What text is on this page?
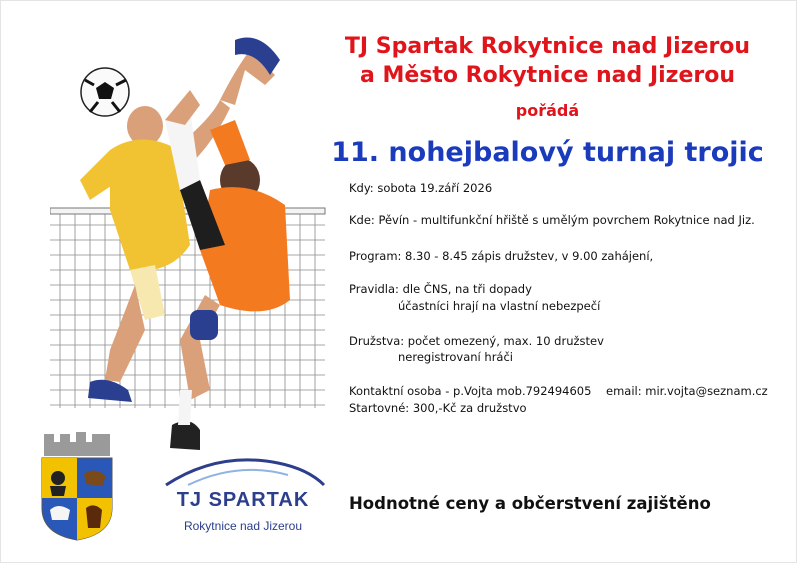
TJ Spartak Rokytnice nad Jizerou
a Město Rokytnice nad Jizerou
pořádá
11. nohejbalový turnaj trojic
Kdy: sobota 19.září 2026
Kde: Pěvín - multifunkční hřiště s umělým povrchem Rokytnice nad Jiz.
Program: 8.30 - 8.45 zápis družstev, v 9.00 zahájení,
Pravidla: dle ČNS, na tři dopady
účastníci hrají na vlastní nebezpečí
Družstva: počet omezený, max. 10 družstev
neregistrovaní hráči
Kontaktní osoba - p.Vojta mob.792494605 email: mir.vojta@seznam.cz
Startovné: 300,-Kč za družstvo
Hodnotné ceny a občerstvení zajištěno
TJ SPARTAK
Rokytnice nad Jizerou
